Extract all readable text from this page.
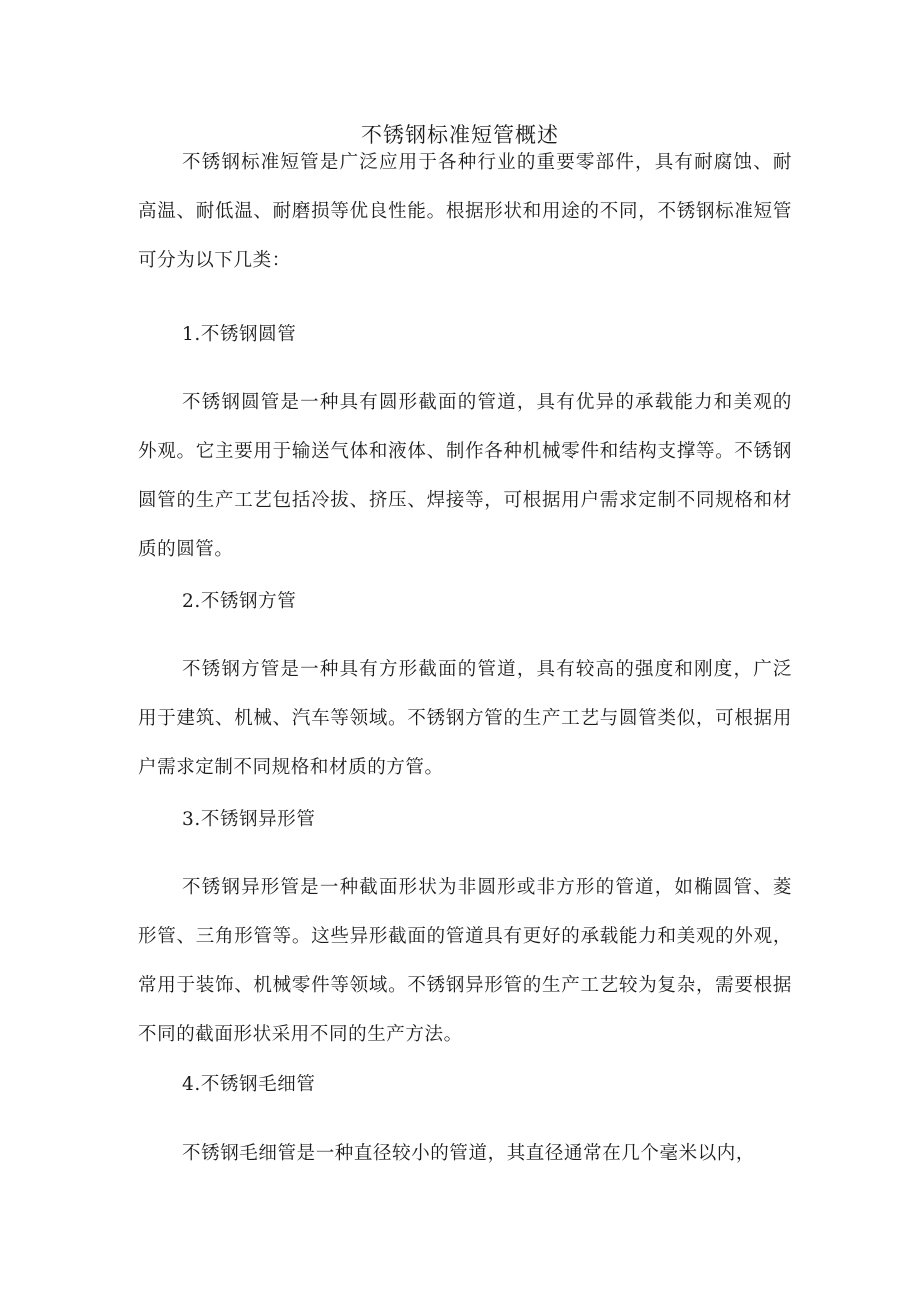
不锈钢标准短管概述

不锈钢标准短管是广泛应用于各种行业的重要零部件，具有耐腐蚀、耐高温、耐低温、耐磨损等优良性能。根据形状和用途的不同，不锈钢标准短管可分为以下几类：

1.不锈钢圆管

不锈钢圆管是一种具有圆形截面的管道，具有优异的承载能力和美观的外观。它主要用于输送气体和液体、制作各种机械零件和结构支撑等。不锈钢圆管的生产工艺包括冷拔、挤压、焊接等，可根据用户需求定制不同规格和材质的圆管。

2.不锈钢方管

不锈钢方管是一种具有方形截面的管道，具有较高的强度和刚度，广泛用于建筑、机械、汽车等领域。不锈钢方管的生产工艺与圆管类似，可根据用户需求定制不同规格和材质的方管。

3.不锈钢异形管

不锈钢异形管是一种截面形状为非圆形或非方形的管道，如椭圆管、菱形管、三角形管等。这些异形截面的管道具有更好的承载能力和美观的外观，常用于装饰、机械零件等领域。不锈钢异形管的生产工艺较为复杂，需要根据不同的截面形状采用不同的生产方法。

4.不锈钢毛细管

不锈钢毛细管是一种直径较小的管道，其直径通常在几个毫米以内，
